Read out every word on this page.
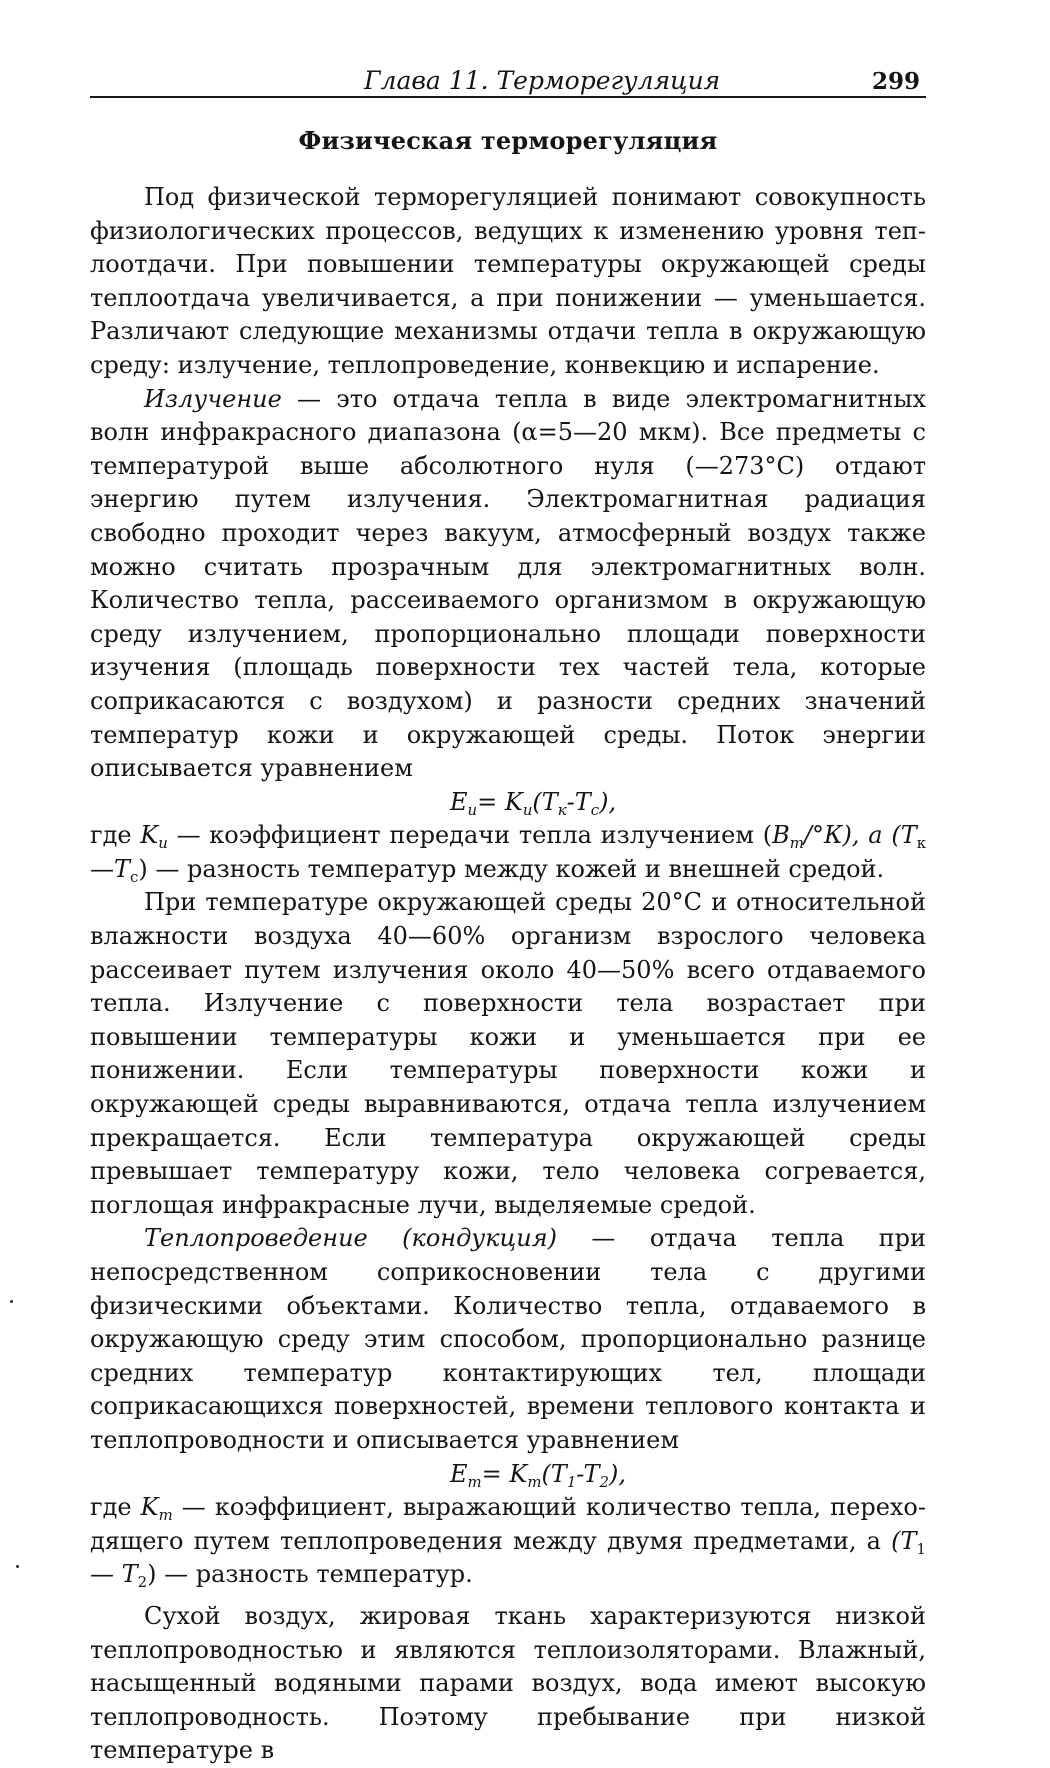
Глава 11. Терморегуляция	299
Физическая терморегуляция

Под физической терморегуляцией понимают совокупность физиологических процессов, ведущих к изменению уровня теплоотдачи. При повышении температуры окружающей среды теплоотдача увеличивается, а при понижении — уменьшается. Различают следующие механизмы отдачи тепла в окружающую среду: излучение, теплопроведение, конвекцию и испарение.

Излучение — это отдача тепла в виде электромагнитных волн инфракрасного диапазона (α=5—20 мкм). Все предметы с температурой выше абсолютного нуля (—273°С) отдают энергию путем излучения. Электромагнитная радиация свободно проходит через вакуум, атмосферный воздух также можно считать прозрачным для электромагнитных волн. Количество тепла, рассеиваемого организмом в окружающую среду излучением, пропорционально площади поверхности изучения (площадь поверхности тех частей тела, которые соприкасаются с воздухом) и разности средних значений температур кожи и окружающей среды. Поток энергии описывается уравнением

$E_и= K_и(T_к-T_с)$,

где $K_и$ — коэффициент передачи тепла излучением $(B_т/^\circ К)$, а $(T_к—T_с)$ — разность температур между кожей и внешней средой.

При температуре окружающей среды 20°С и относительной влажности воздуха 40—60% организм взрослого человека рассеивает путем излучения около 40—50% всего отдаваемого тепла. Излучение с поверхности тела возрастает при повышении температуры кожи и уменьшается при ее понижении. Если температуры поверхности кожи и окружающей среды выравниваются, отдача тепла излучением прекращается. Если температура окружающей среды превышает температуру кожи, тело человека согревается, поглощая инфракрасные лучи, выделяемые средой.

Теплопроведение (кондукция) — отдача тепла при непосредственном соприкосновении тела с другими физическими объектами. Количество тепла, отдаваемого в окружающую среду этим способом, пропорционально разнице средних температур контактирующих тел, площади соприкасающихся поверхностей, времени теплового контакта и теплопроводности и описывается уравнением

$E_т= K_т(T_1-T_2)$,

где $K_т$ — коэффициент, выражающий количество тепла, переходящего путем теплопроведения между двумя предметами, а ($T_1$ — $T_2$) — разность температур.

Сухой воздух, жировая ткань характеризуются низкой теплопроводностью и являются теплоизоляторами. Влажный, насыщенный водяными парами воздух, вода имеют высокую теплопроводность. Поэтому пребывание при низкой температуре в
